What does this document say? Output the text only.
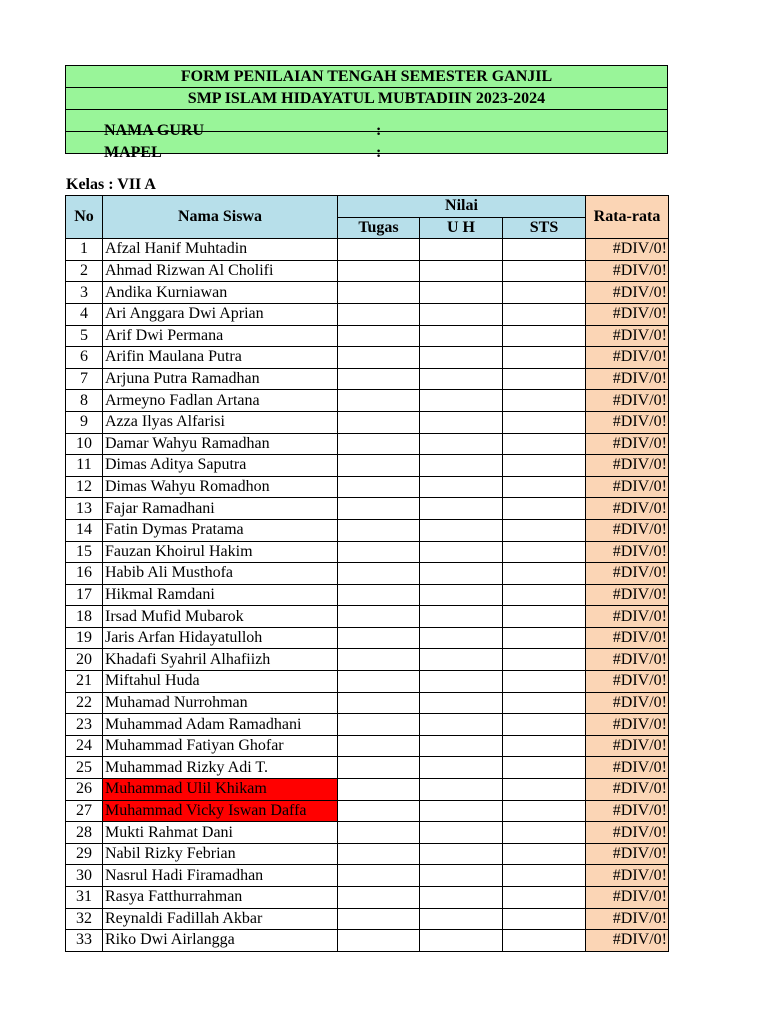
FORM PENILAIAN TENGAH SEMESTER GANJIL
SMP ISLAM HIDAYATUL MUBTADIIN 2023-2024

NAMA GURU	:

MAPEL	:
Kelas : VII A
No	Nama Siswa	Nilai			Rata-rata
		Tugas	U H	STS	
1	Afzal Hanif Muhtadin				#DIV/0!
2	Ahmad Rizwan Al Cholifi				#DIV/0!
3	Andika Kurniawan				#DIV/0!
4	Ari Anggara Dwi Aprian				#DIV/0!
5	Arif Dwi Permana				#DIV/0!
6	Arifin Maulana Putra				#DIV/0!
7	Arjuna Putra Ramadhan				#DIV/0!
8	Armeyno Fadlan Artana				#DIV/0!
9	Azza Ilyas Alfarisi				#DIV/0!
10	Damar Wahyu Ramadhan				#DIV/0!
11	Dimas Aditya Saputra				#DIV/0!
12	Dimas Wahyu Romadhon				#DIV/0!
13	Fajar Ramadhani				#DIV/0!
14	Fatin Dymas Pratama				#DIV/0!
15	Fauzan Khoirul Hakim				#DIV/0!
16	Habib Ali Musthofa				#DIV/0!
17	Hikmal Ramdani				#DIV/0!
18	Irsad Mufid Mubarok				#DIV/0!
19	Jaris Arfan Hidayatulloh				#DIV/0!
20	Khadafi Syahril Alhafiizh				#DIV/0!
21	Miftahul Huda				#DIV/0!
22	Muhamad Nurrohman				#DIV/0!
23	Muhammad Adam Ramadhani				#DIV/0!
24	Muhammad Fatiyan Ghofar				#DIV/0!
25	Muhammad Rizky Adi T.				#DIV/0!
26	Muhammad Ulil Khikam				#DIV/0!
27	Muhammad Vicky Iswan Daffa				#DIV/0!
28	Mukti Rahmat Dani				#DIV/0!
29	Nabil Rizky Febrian				#DIV/0!
30	Nasrul Hadi Firamadhan				#DIV/0!
31	Rasya Fatthurrahman				#DIV/0!
32	Reynaldi Fadillah Akbar				#DIV/0!
33	Riko Dwi Airlangga				#DIV/0!
